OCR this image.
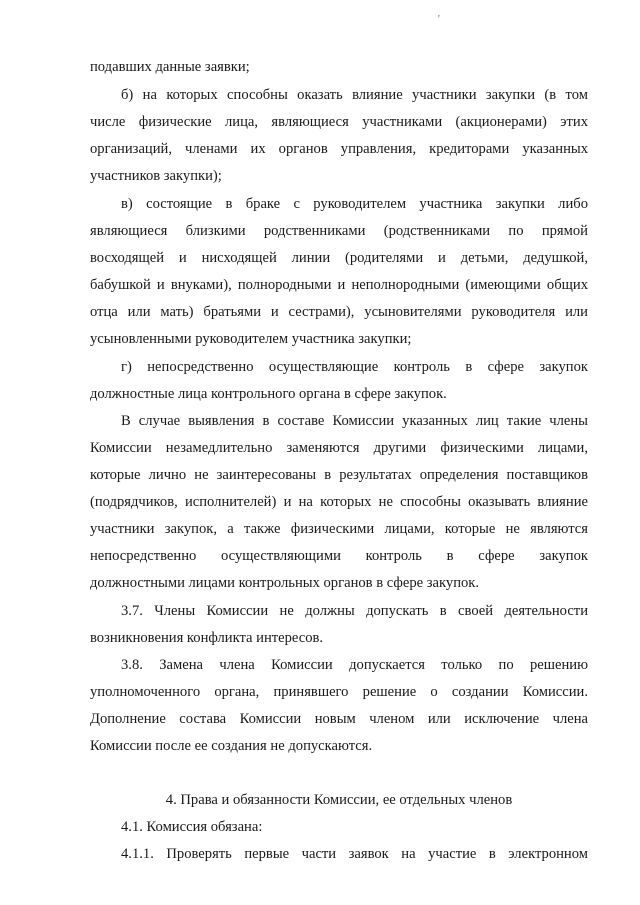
'
подавших данные заявки;
б) на которых способны оказать влияние участники закупки (в том
числе физические лица, являющиеся участниками (акционерами) этих
организаций, членами их органов управления, кредиторами указанных
участников закупки);
в) состоящие в браке с руководителем участника закупки либо
являющиеся близкими родственниками (родственниками по прямой
восходящей и нисходящей линии (родителями и детьми, дедушкой,
бабушкой и внуками), полнородными и неполнородными (имеющими общих
отца или мать) братьями и сестрами), усыновителями руководителя или
усыновленными руководителем участника закупки;
г) непосредственно осуществляющие контроль в сфере закупок
должностные лица контрольного органа в сфере закупок.
В случае выявления в составе Комиссии указанных лиц такие члены
Комиссии незамедлительно заменяются другими физическими лицами,
которые лично не заинтересованы в результатах определения поставщиков
(подрядчиков, исполнителей) и на которых не способны оказывать влияние
участники закупок, а также физическими лицами, которые не являются
непосредственно осуществляющими контроль в сфере закупок
должностными лицами контрольных органов в сфере закупок.
3.7. Члены Комиссии не должны допускать в своей деятельности
возникновения конфликта интересов.
3.8. Замена члена Комиссии допускается только по решению
уполномоченного органа, принявшего решение о создании Комиссии.
Дополнение состава Комиссии новым членом или исключение члена
Комиссии после ее создания не допускаются.
4. Права и обязанности Комиссии, ее отдельных членов
4.1. Комиссия обязана:
4.1.1. Проверять первые части заявок на участие в электронном
